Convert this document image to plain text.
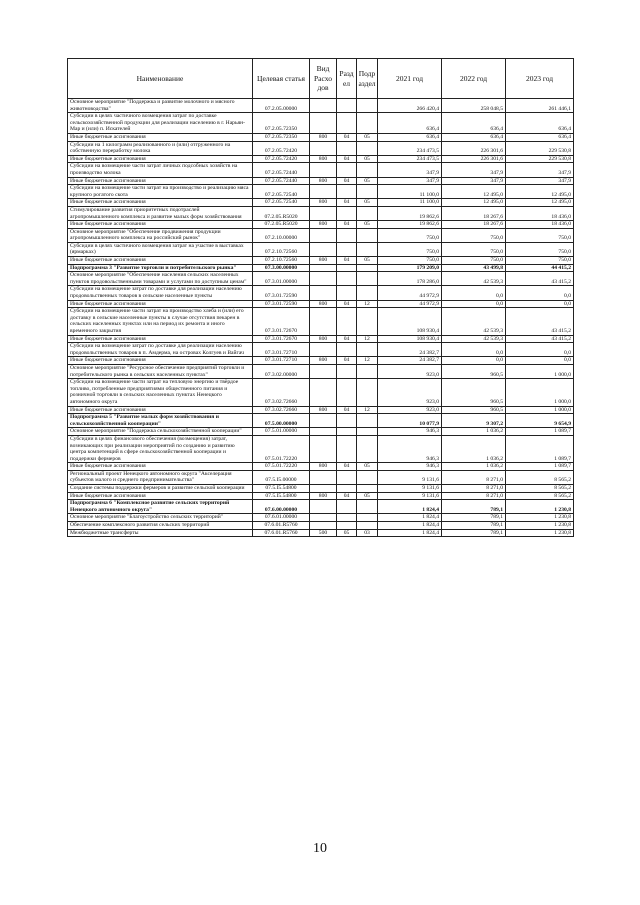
Наименование	Целевая статья	Вид Расхо дов	Разд ел	Подр аздел	2021 год	2022 год	2023 год
Основное мероприятие "Поддержка и развитие молочного и мясного животноводства"	07.2.05.00000				266 420,4	258 048,5	261 446,1
Субсидии в целях частичного возмещения затрат по доставке сельскохозяйственной продукции для реализации населению в г. Нарьян-Мар и (или) п. Искателей	07.2.05.72350				636,4	636,4	636,4
Иные бюджетные ассигнования	07.2.05.72350	800	04	05	636,4	636,4	636,4
Субсидии на 1 килограмм реализованного и (или) отгруженного на собственную переработку молока	07.2.05.72420				234 473,5	226 301,6	229 530,8
Иные бюджетные ассигнования	07.2.05.72420	800	04	05	234 473,5	226 301,6	229 530,8
Субсидии на возмещение части затрат личных подсобных хозяйств на производство молока	07.2.05.72440				347,9	347,9	347,9
Иные бюджетные ассигнования	07.2.05.72440	800	04	05	347,9	347,9	347,9
Субсидии на возмещение части затрат на производство и реализацию мяса крупного рогатого скота	07.2.05.72540				11 100,0	12 495,0	12 495,0
Иные бюджетные ассигнования	07.2.05.72540	800	04	05	11 100,0	12 495,0	12 495,0
Стимулирование развития приоритетных подотраслей агропромышленного комплекса и развитие малых форм хозяйствования	07.2.05.R5020				19 862,6	18 267,6	18 436,0
Иные бюджетные ассигнования	07.2.05.R5020	800	04	05	19 862,6	18 267,6	18 436,0
Основное мероприятие "Обеспечение продвижения продукции агропромышленного комплекса на российский рынок"	07.2.10.00000				750,0	750,0	750,0
Субсидии в целях частичного возмещения затрат на участие в выставках (ярмарках)	07.2.10.72560				750,0	750,0	750,0
Иные бюджетные ассигнования	07.2.10.72560	800	04	05	750,0	750,0	750,0
Подпрограмма 3 "Развитие торговли и потребительского рынка"	07.3.00.00000				179 209,0	43 499,8	44 415,2
Основное мероприятие "Обеспечение населения сельских населенных пунктов продовольственными товарами и услугами по доступным ценам"	07.3.01.00000				178 286,0	42 539,3	43 415,2
Субсидии на возмещение затрат по доставке для реализации населению продовольственных товаров в сельские населенные пункты	07.3.01.72590				44 972,9	0,0	0,0
Иные бюджетные ассигнования	07.3.01.72590	800	04	12	44 972,9	0,0	0,0
Субсидии на возмещение части затрат на производство хлеба и (или) его доставку в сельские населенные пункты в случае отсутствия пекарен в сельских населенных пунктах или на период их ремонта и иного временного закрытия	07.3.01.72670				108 930,4	42 539,3	43 415,2
Иные бюджетные ассигнования	07.3.01.72670	800	04	12	108 930,4	42 539,3	43 415,2
Субсидии на возмещение затрат по доставке для реализации населению продовольственных товаров в п. Амдерма, на островах Колгуев и Вайгач	07.3.01.72710				24 382,7	0,0	0,0
Иные бюджетные ассигнования	07.3.01.72710	800	04	12	24 382,7	0,0	0,0
Основное мероприятие "Ресурсное обеспечение предприятий торговли и потребительского рынка в сельских населенных пунктах"	07.3.02.00000				923,0	960,5	1 000,0
Субсидии на возмещение части затрат на тепловую энергию и твёрдое топливо, потребленные предприятиями общественного питания и розничной торговли в сельских населенных пунктах Ненецкого автономного округа	07.3.02.72660				923,0	960,5	1 000,0
Иные бюджетные ассигнования	07.3.02.72660	800	04	12	923,0	960,5	1 000,0
Подпрограмма 5 "Развитие малых форм хозяйствования и сельскохозяйственной кооперации"	07.5.00.00000				10 077,9	9 307,2	9 654,9
Основное мероприятие "Поддержка сельскохозяйственной кооперации"	07.5.01.00000				946,3	1 036,2	1 089,7
Субсидии в целях финансового обеспечения (возмещения) затрат, возникающих при реализации мероприятий по созданию и развитию центра компетенций в сфере сельскохозяйственной кооперации и поддержки фермеров	07.5.01.72220				946,3	1 036,2	1 089,7
Иные бюджетные ассигнования	07.5.01.72220	800	04	05	946,3	1 036,2	1 089,7
Региональный проект Ненецкого автономного округа "Акселерация субъектов малого и среднего предпринимательства"	07.5.I5.00000				9 131,6	8 271,0	8 565,2
Создание системы поддержки фермеров и развитие сельской кооперации	07.5.I5.54800				9 131,6	8 271,0	8 565,2
Иные бюджетные ассигнования	07.5.I5.54800	800	04	05	9 131,6	8 271,0	8 565,2
Подпрограмма 6 "Комплексное развитие сельских территорий Ненецкого автономного округа"	07.6.00.00000				1 824,4	789,1	1 230,8
Основное мероприятие "Благоустройство сельских территорий"	07.6.01.00000				1 824,4	789,1	1 230,8
Обеспечение комплексного развития сельских территорий	07.6.01.R5760				1 824,4	789,1	1 230,8
Межбюджетные трансферты	07.6.01.R5760	500	05	03	1 824,4	789,1	1 230,8
10
